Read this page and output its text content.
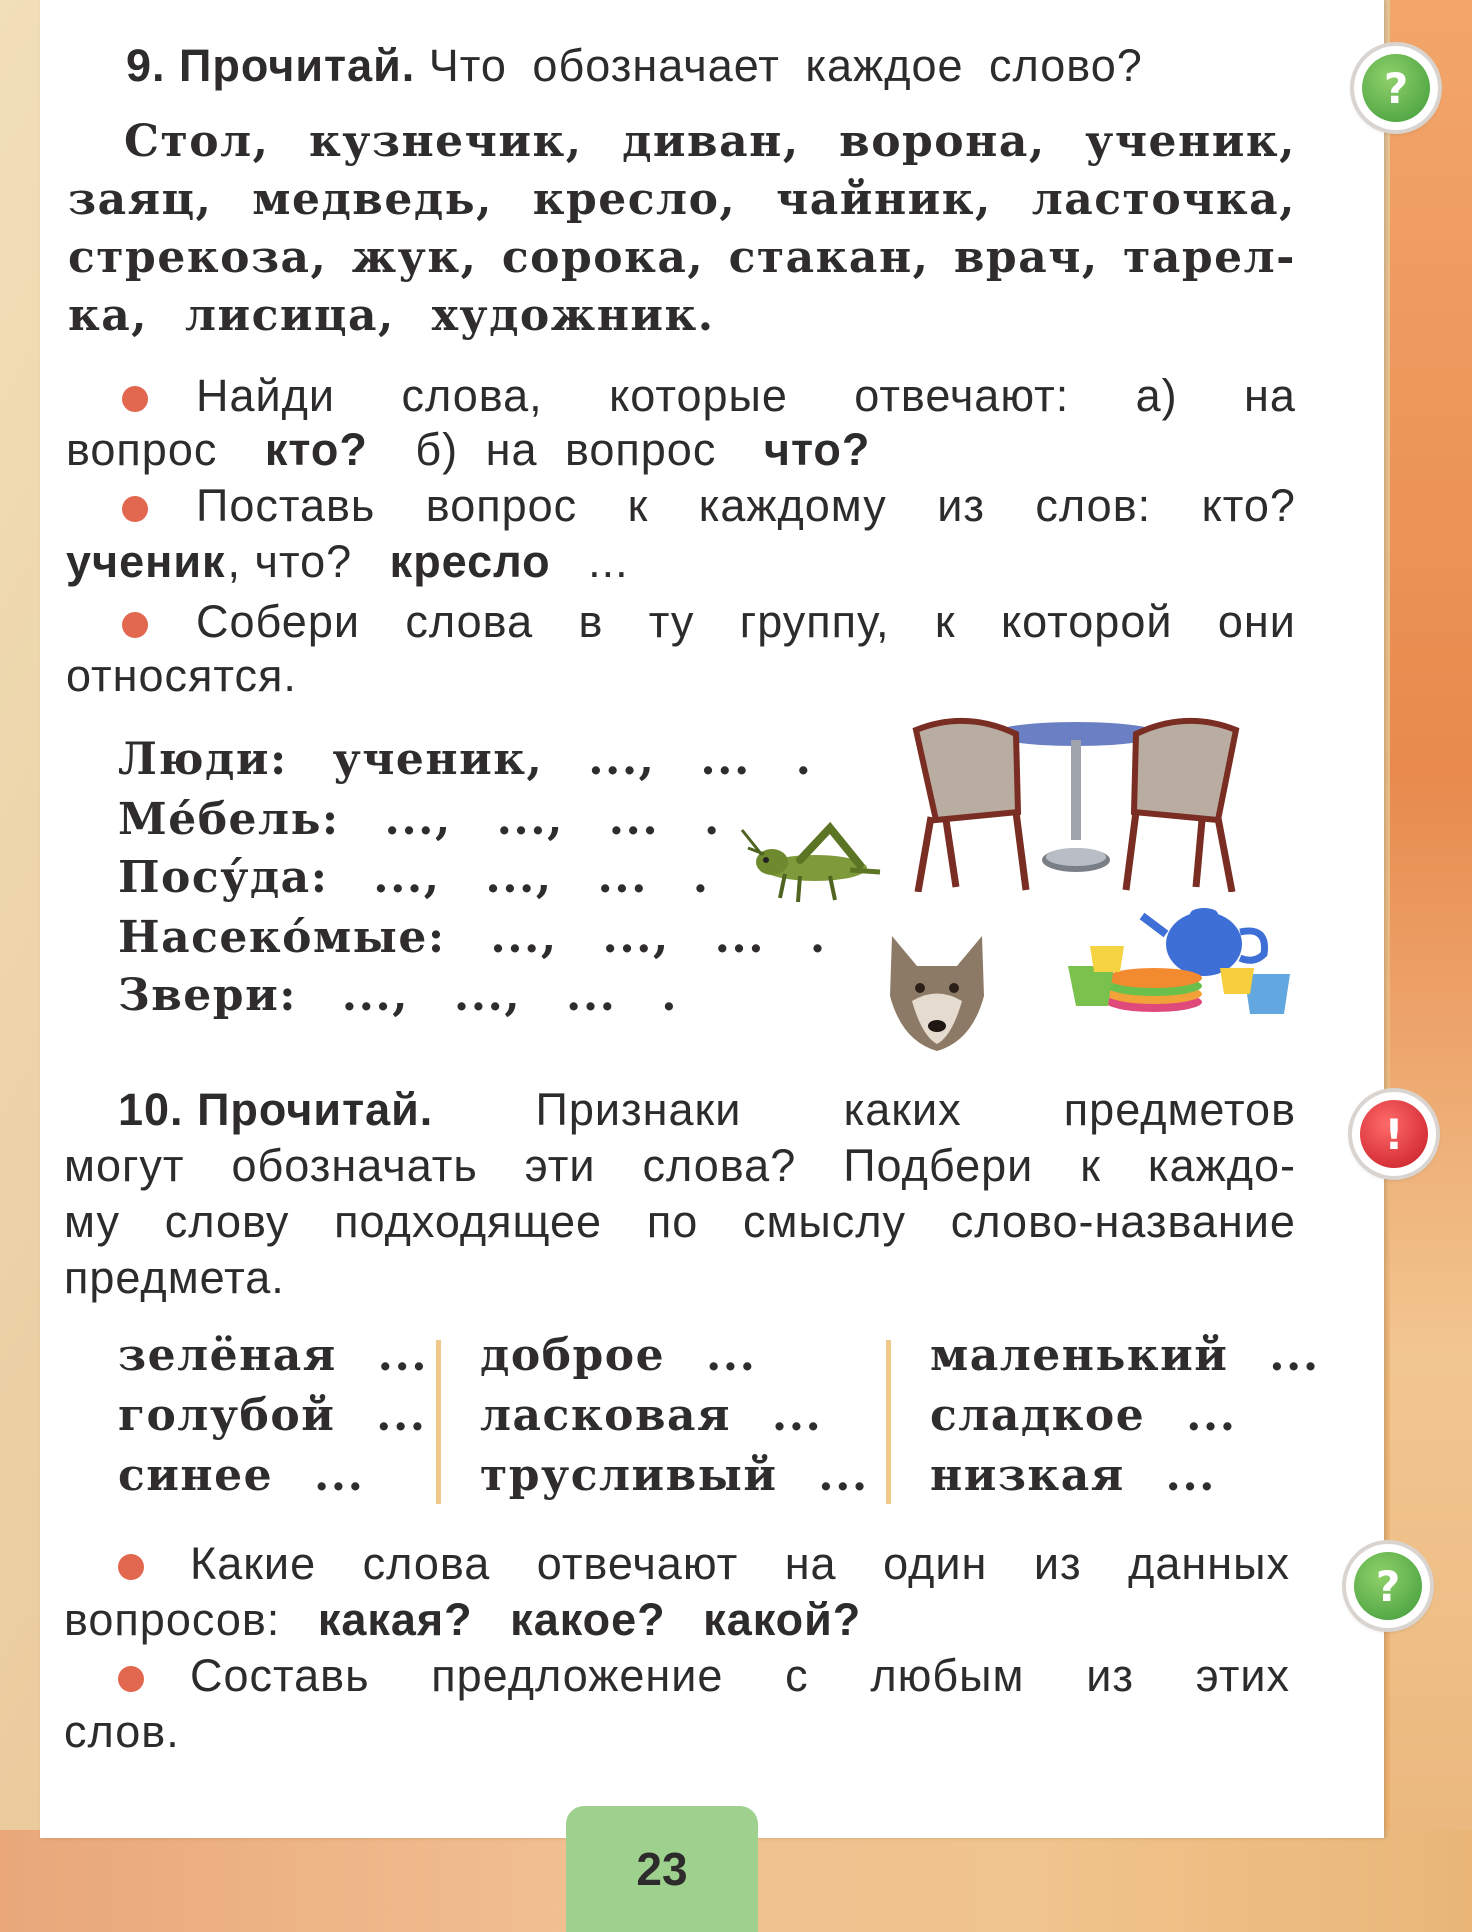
9. Прочитай. Что обозначает каждое слово?
Стол, кузнечик, диван, ворона, ученик,
заяц, медведь, кресло, чайник, ласточка,
стрекоза, жук, сорока, стакан, врач, тарел-
ка, лисица, художник.
Найди слова, которые отвечают: а) на
вопрос кто? б) на вопрос что?
Поставь вопрос к каждому из слов: кто?
ученик, что? кресло ...
Собери слова в ту группу, к которой они
относятся.
Люди: ученик, ..., ... .
Ме́бель: ..., ..., ... .
Посу́да: ..., ..., ... .
Насеко́мые: ..., ..., ... .
Звери: ..., ..., ... .
10. Прочитай. Признаки каких предметов
могут обозначать эти слова? Подбери к каждо-
му слову подходящее по смыслу слово-название
предмета.
зелёная ...
голубой ...
синее ...
доброе ...
ласковая ...
трусливый ...
маленький ...
сладкое ...
низкая ...
Какие слова отвечают на один из данных
вопросов: какая? какое? какой?
Составь предложение с любым из этих
слов.
?
!
?
23
